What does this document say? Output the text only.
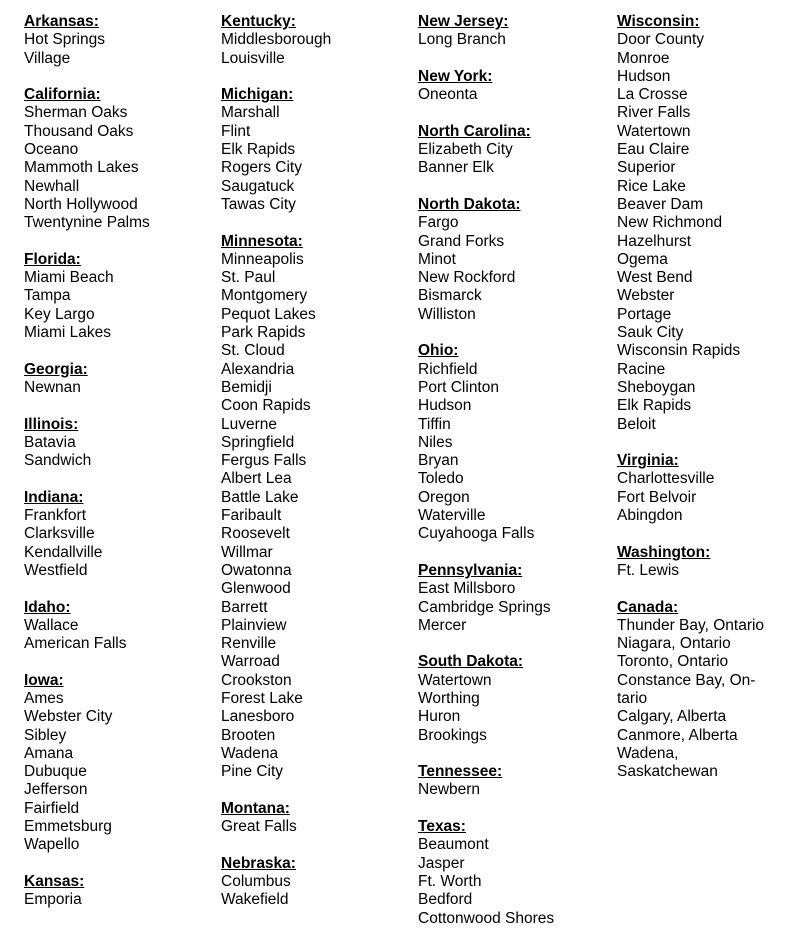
Arkansas:
Hot Springs
Village
California:
Sherman Oaks
Thousand Oaks
Oceano
Mammoth Lakes
Newhall
North Hollywood
Twentynine Palms
Florida:
Miami Beach
Tampa
Key Largo
Miami Lakes
Georgia:
Newnan
Illinois:
Batavia
Sandwich
Indiana:
Frankfort
Clarksville
Kendallville
Westfield
Idaho:
Wallace
American Falls
Iowa:
Ames
Webster City
Sibley
Amana
Dubuque
Jefferson
Fairfield
Emmetsburg
Wapello
Kansas:
Emporia
Kentucky:
Middlesborough
Louisville
Michigan:
Marshall
Flint
Elk Rapids
Rogers City
Saugatuck
Tawas City
Minnesota:
Minneapolis
St. Paul
Montgomery
Pequot Lakes
Park Rapids
St. Cloud
Alexandria
Bemidji
Coon Rapids
Luverne
Springfield
Fergus Falls
Albert Lea
Battle Lake
Faribault
Roosevelt
Willmar
Owatonna
Glenwood
Barrett
Plainview
Renville
Warroad
Crookston
Forest Lake
Lanesboro
Brooten
Wadena
Pine City
Montana:
Great Falls
Nebraska:
Columbus
Wakefield
New Jersey:
Long Branch
New York:
Oneonta
North Carolina:
Elizabeth City
Banner Elk
North Dakota:
Fargo
Grand Forks
Minot
New Rockford
Bismarck
Williston
Ohio:
Richfield
Port Clinton
Hudson
Tiffin
Niles
Bryan
Toledo
Oregon
Waterville
Cuyahooga Falls
Pennsylvania:
East Millsboro
Cambridge Springs
Mercer
South Dakota:
Watertown
Worthing
Huron
Brookings
Tennessee:
Newbern
Texas:
Beaumont
Jasper
Ft. Worth
Bedford
Cottonwood Shores
Wisconsin:
Door County
Monroe
Hudson
La Crosse
River Falls
Watertown
Eau Claire
Superior
Rice Lake
Beaver Dam
New Richmond
Hazelhurst
Ogema
West Bend
Webster
Portage
Sauk City
Wisconsin Rapids
Racine
Sheboygan
Elk Rapids
Beloit
Virginia:
Charlottesville
Fort Belvoir
Abingdon
Washington:
Ft. Lewis
Canada:
Thunder Bay, Ontario
Niagara, Ontario
Toronto, Ontario
Constance Bay, On-
tario
Calgary, Alberta
Canmore, Alberta
Wadena,
Saskatchewan
